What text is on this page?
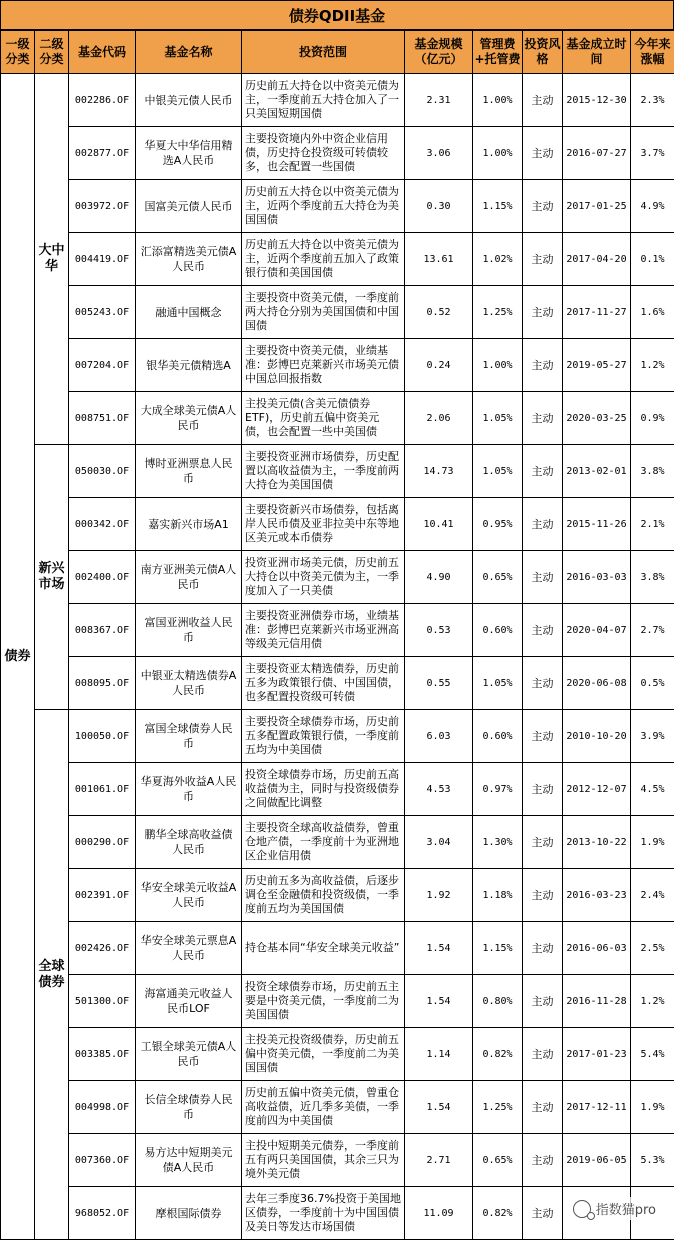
债券QDII基金
一级分类	二级分类	基金代码	基金名称	投资范围	基金规模（亿元）	管理费+托管费	投资风格	基金成立时间	今年来涨幅
债券	大中华	002286.OF	中银美元债人民币	历史前五大持仓以中资美元债为主，一季度前五大持仓加入了一只美国短期国债	2.31	1.00%	主动	2015-12-30	2.3%
		002877.OF	华夏大中华信用精选A人民币	主要投资境内外中资企业信用债，历史持仓投资级可转债较多，也会配置一些国债	3.06	1.00%	主动	2016-07-27	3.7%
		003972.OF	国富美元债人民币	历史前五大持仓以中资美元债为主，近两个季度前五大持仓为美国国债	0.30	1.15%	主动	2017-01-25	4.9%
		004419.OF	汇添富精选美元债A人民币	历史前五大持仓以中资美元债为主，近两个季度前五加入了政策银行债和美国国债	13.61	1.02%	主动	2017-04-20	0.1%
		005243.OF	融通中国概念	主要投资中资美元债，一季度前两大持仓分别为美国国债和中国国债	0.52	1.25%	主动	2017-11-27	1.6%
		007204.OF	银华美元债精选A	主要投资中资美元债，业绩基准：彭博巴克莱新兴市场美元债中国总回报指数	0.24	1.00%	主动	2019-05-27	1.2%
		008751.OF	大成全球美元债A人民币	主投美元债(含美元债债券ETF)，历史前五偏中资美元债，也会配置一些中美国债	2.06	1.05%	主动	2020-03-25	0.9%
	新兴市场	050030.OF	博时亚洲票息人民币	主要投资亚洲市场债券，历史配置以高收益债为主，一季度前两大持仓为美国国债	14.73	1.05%	主动	2013-02-01	3.8%
		000342.OF	嘉实新兴市场A1	主要投资新兴市场债券，包括离岸人民币债及亚非拉美中东等地区美元或本币债券	10.41	0.95%	主动	2015-11-26	2.1%
		002400.OF	南方亚洲美元债A人民币	投资亚洲市场美元债，历史前五大持仓以中资美元债为主，一季度加入了一只美债	4.90	0.65%	主动	2016-03-03	3.8%
		008367.OF	富国亚洲收益人民币	主要投资亚洲债券市场，业绩基准：彭博巴克莱新兴市场亚洲高等级美元信用债	0.53	0.60%	主动	2020-04-07	2.7%
		008095.OF	中银亚太精选债券A人民币	主要投资亚太精选债券，历史前五多为政策银行债、中国国债，也多配置投资级可转债	0.55	1.05%	主动	2020-06-08	0.5%
	全球债券	100050.OF	富国全球债券人民币	主要投资全球债券市场，历史前五多配置政策银行债，一季度前五均为中美国债	6.03	0.60%	主动	2010-10-20	3.9%
		001061.OF	华夏海外收益A人民币	投资全球债券市场，历史前五高收益债为主，同时与投资级债券之间做配比调整	4.53	0.97%	主动	2012-12-07	4.5%
		000290.OF	鹏华全球高收益债人民币	主要投资全球高收益债券，曾重仓地产债，一季度前十为亚洲地区企业信用债	3.04	1.30%	主动	2013-10-22	1.9%
		002391.OF	华安全球美元收益A人民币	历史前五多为高收益债，后逐步调仓至金融债和投资级债，一季度前五均为美国国债	1.92	1.18%	主动	2016-03-23	2.4%
		002426.OF	华安全球美元票息A人民币	持仓基本同“华安全球美元收益”	1.54	1.15%	主动	2016-06-03	2.5%
		501300.OF	海富通美元收益人民币LOF	投资全球债券市场，历史前五主要是中资美元债，一季度前二为美国国债	1.54	0.80%	主动	2016-11-28	1.2%
		003385.OF	工银全球美元债A人民币	主投美元投资级债券，历史前五偏中资美元债，一季度前二为美国国债	1.14	0.82%	主动	2017-01-23	5.4%
		004998.OF	长信全球债券人民币	历史前五偏中资美元债，曾重仓高收益债，近几季多美债，一季度前四为中美国债	1.54	1.25%	主动	2017-12-11	1.9%
		007360.OF	易方达中短期美元债A人民币	主投中短期美元债券，一季度前五有两只美国国债，其余三只为境外美元债	2.71	0.65%	主动	2019-06-05	5.3%
		968052.OF	摩根国际债券	去年三季度36.7%投资于美国地区债券，一季度前十为中国国债及美日等发达市场国债	11.09	0.82%	主动			指数猫pro
